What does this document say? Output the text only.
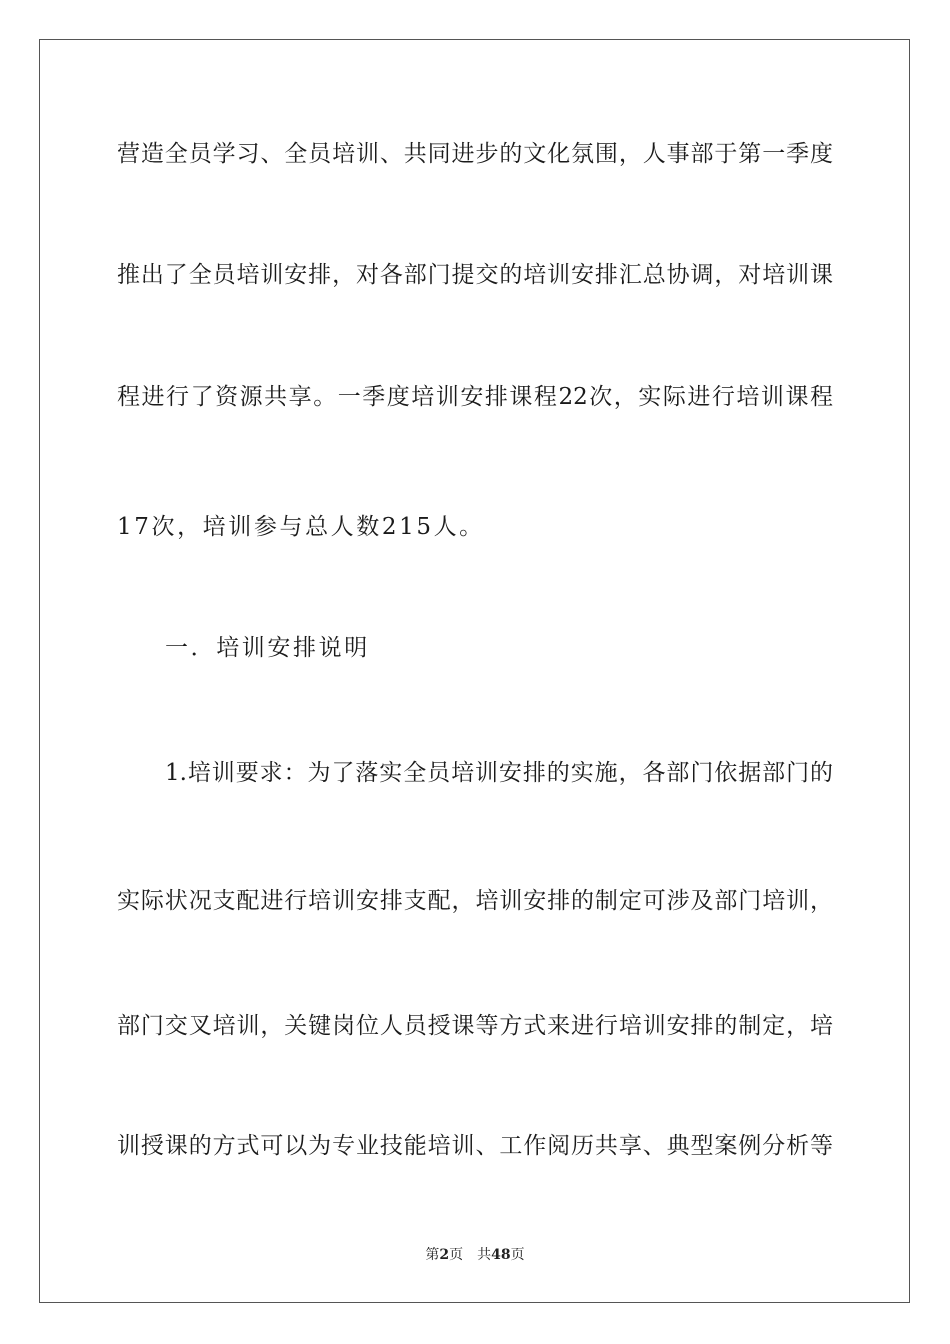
营造全员学习、全员培训、共同进步的文化氛围，人事部于第一季度
推出了全员培训安排，对各部门提交的培训安排汇总协调，对培训课
程进行了资源共享。一季度培训安排课程22次，实际进行培训课程
17次，培训参与总人数215人。
一．培训安排说明
1.培训要求：为了落实全员培训安排的实施，各部门依据部门的
实际状况支配进行培训安排支配，培训安排的制定可涉及部门培训，
部门交叉培训，关键岗位人员授课等方式来进行培训安排的制定，培
训授课的方式可以为专业技能培训、工作阅历共享、典型案例分析等
第2页 共48页
